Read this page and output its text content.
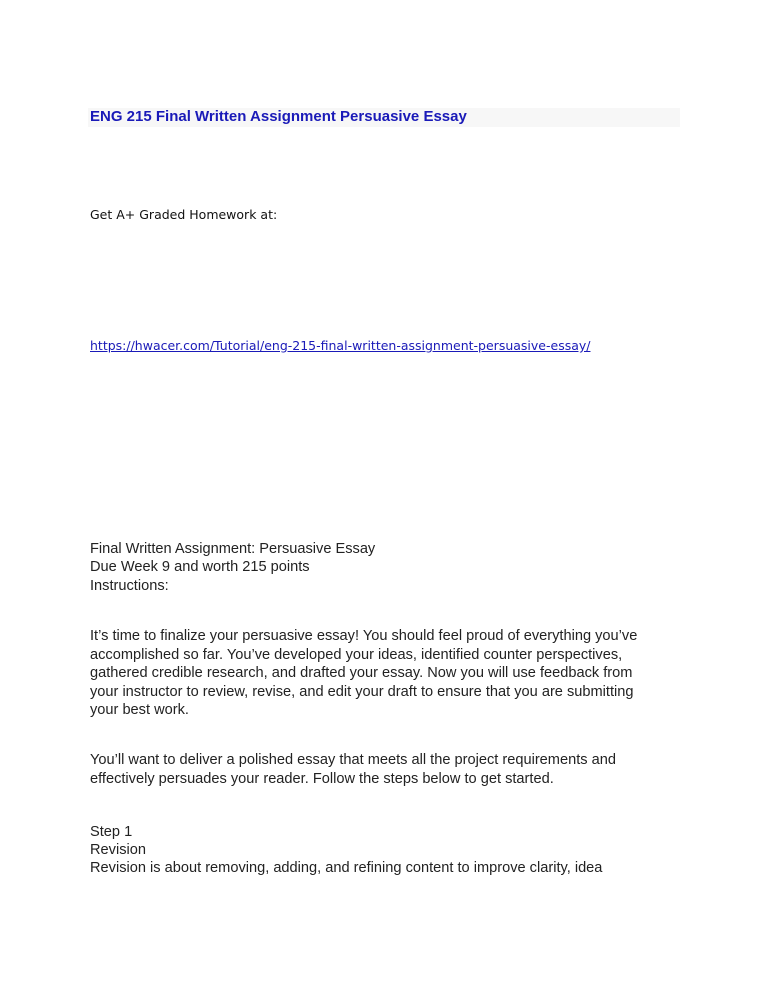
ENG 215 Final Written Assignment Persuasive Essay
Get A+ Graded Homework at:
https://hwacer.com/Tutorial/eng-215-final-written-assignment-persuasive-essay/
Final Written Assignment: Persuasive Essay
Due Week 9 and worth 215 points
Instructions:
It’s time to finalize your persuasive essay! You should feel proud of everything you’ve
accomplished so far. You’ve developed your ideas, identified counter perspectives,
gathered credible research, and drafted your essay. Now you will use feedback from
your instructor to review, revise, and edit your draft to ensure that you are submitting
your best work.
You’ll want to deliver a polished essay that meets all the project requirements and
effectively persuades your reader. Follow the steps below to get started.
Step 1
Revision
Revision is about removing, adding, and refining content to improve clarity, idea
